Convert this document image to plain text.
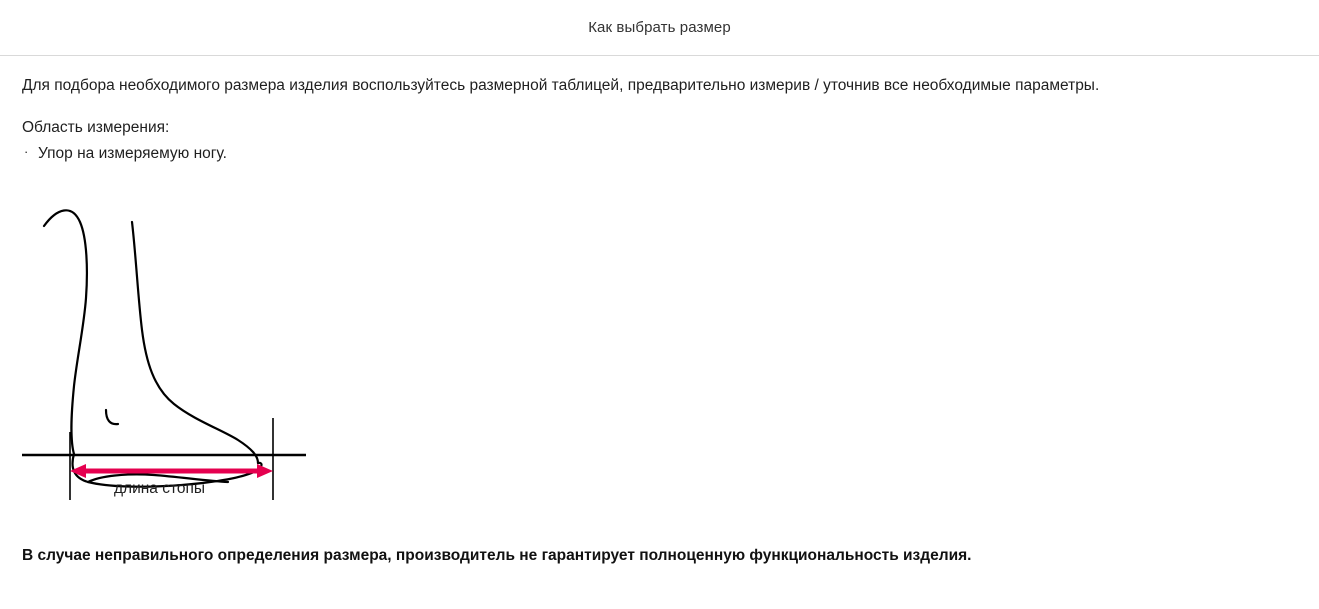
Как выбрать размер

Для подбора необходимого размера изделия воспользуйтесь размерной таблицей, предварительно измерив / уточнив все необходимые параметры.

Область измерения:

· Упор на измеряемую ногу.
длина стопы
В случае неправильного определения размера, производитель не гарантирует полноценную функциональность изделия.
